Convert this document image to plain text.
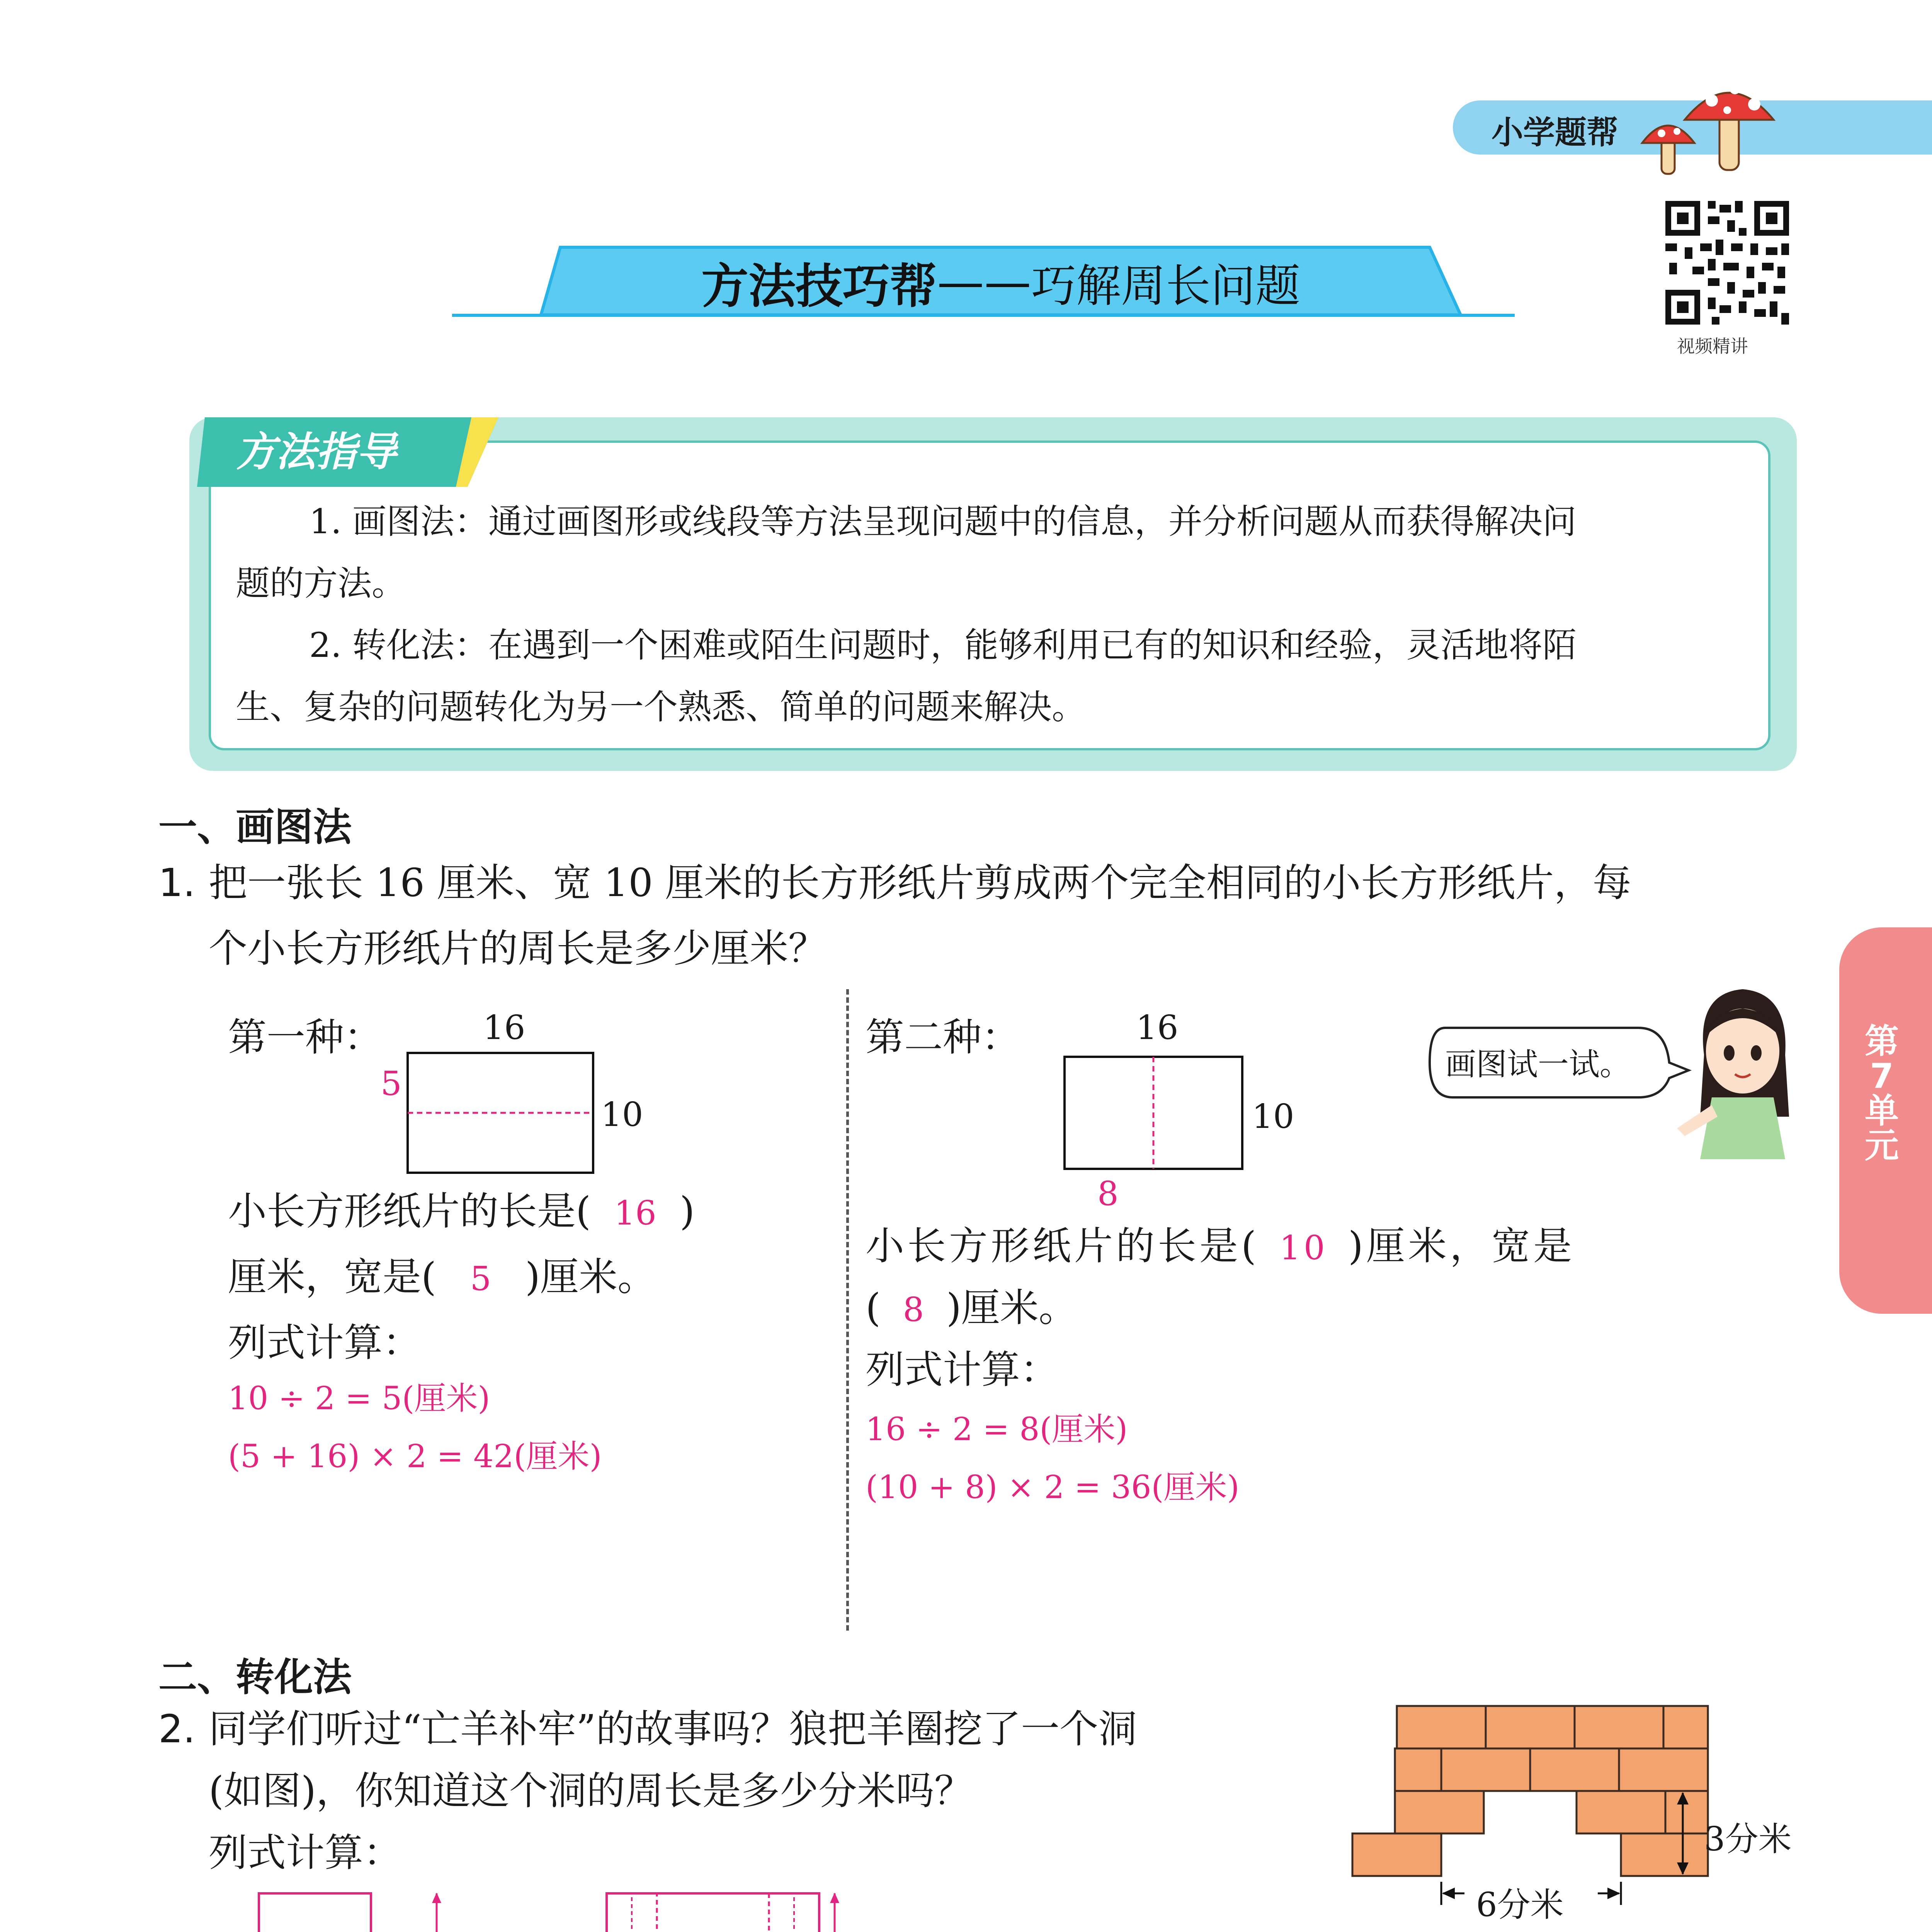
小学题帮
视频精讲
方法技巧帮 —— 巧解周长问题
第
7
单
元
方法指导
1. 画图法：通过画图形或线段等方法呈现问题中的信息，并分析问题从而获得解决问
题的方法。
2. 转化法：在遇到一个困难或陌生问题时，能够利用已有的知识和经验，灵活地将陌
生、复杂的问题转化为另一个熟悉、简单的问题来解决。
一、画图法
1. 把一张长 16 厘米、宽 10 厘米的长方形纸片剪成两个完全相同的小长方形纸片，每
个小长方形纸片的周长是多少厘米？
第一种：	16
5
10
小长方形纸片的长是( 16 )
厘米，宽是( 5 )厘米。
列式计算：
10 ÷ 2 = 5(厘米)
(5 + 16) × 2 = 42(厘米)
第二种：	16
10
8
小长方形纸片的长是( 10 )厘米，宽是
( 8 )厘米。
列式计算：
16 ÷ 2 = 8(厘米)
(10 + 8) × 2 = 36(厘米)
画图试一试。
二、转化法
2. 同学们听过“亡羊补牢”的故事吗？狼把羊圈挖了一个洞
(如图)，你知道这个洞的周长是多少分米吗？
列式计算：	3分米
6分米
